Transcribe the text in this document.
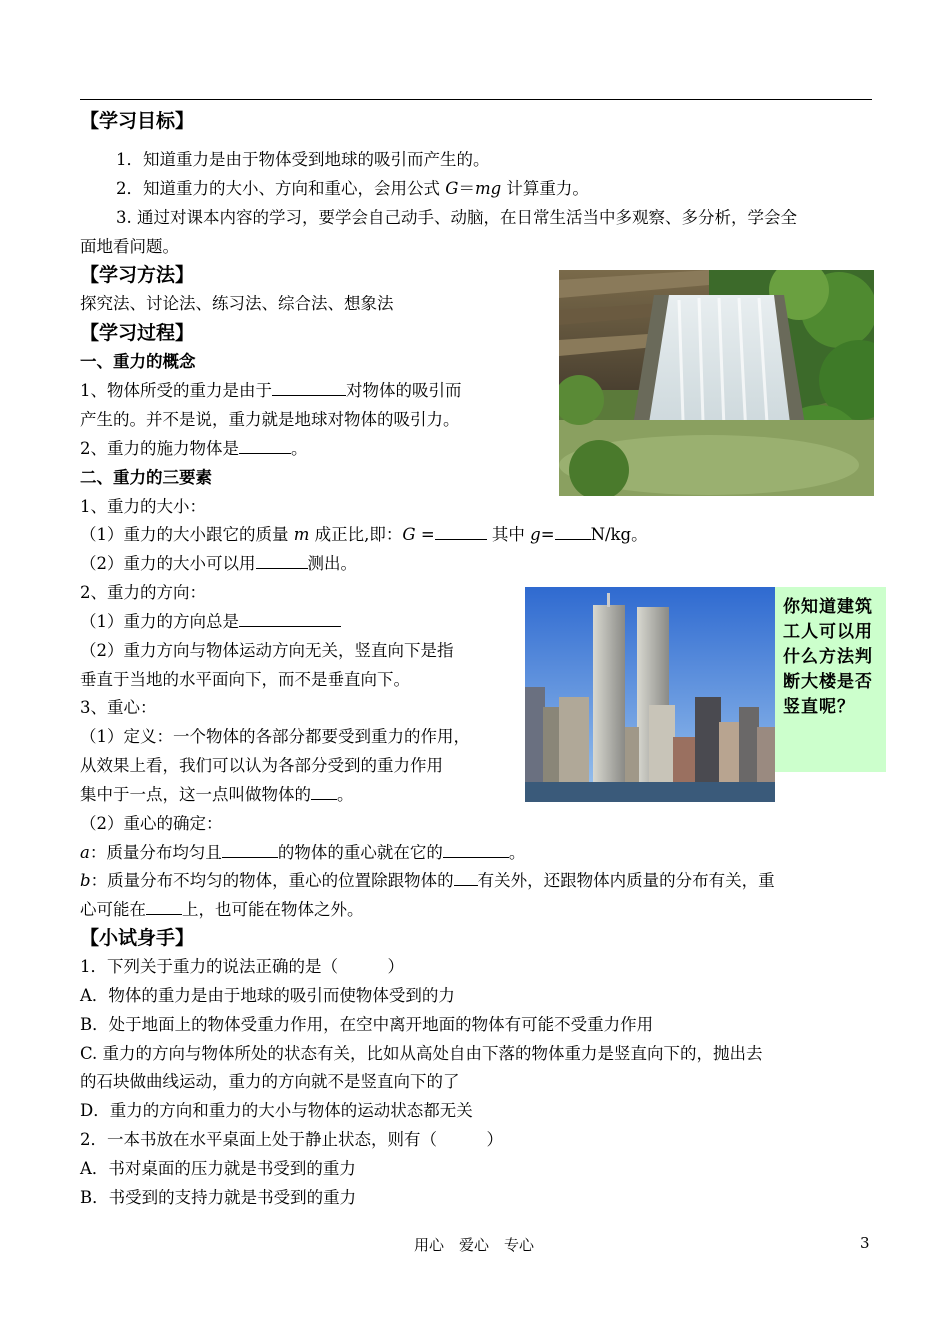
【学习目标】
1．知道重力是由于物体受到地球的吸引而产生的。
2．知道重力的大小、方向和重心，会用公式 G＝mg 计算重力。
3. 通过对课本内容的学习，要学会自己动手、动脑，在日常生活当中多观察、多分析，学会全
面地看问题。
【学习方法】
探究法、讨论法、练习法、综合法、想象法
【学习过程】
一、重力的概念
1、物体所受的重力是由于	对物体的吸引而
产生的。并不是说，重力就是地球对物体的吸引力。
2、重力的施力物体是	。
二、重力的三要素
1、重力的大小：
（1）重力的大小跟它的质量 m 成正比,即：G =	其中 g= N/kg。
（2）重力的大小可以用	测出。
2、重力的方向：
（1）重力的方向总是
（2）重力方向与物体运动方向无关，竖直向下是指
垂直于当地的水平面向下，而不是垂直向下。
3、重心：
（1）定义：一个物体的各部分都要受到重力的作用，
从效果上看，我们可以认为各部分受到的重力作用
集中于一点，这一点叫做物体的 。
（2）重心的确定：
a：质量分布均匀且	的物体的重心就在它的	。
b：质量分布不均匀的物体，重心的位置除跟物体的 有关外，还跟物体内质量的分布有关，重
心可能在 上，也可能在物体之外。
【小试身手】
1．下列关于重力的说法正确的是（　　　）
A．物体的重力是由于地球的吸引而使物体受到的力
B．处于地面上的物体受重力作用，在空中离开地面的物体有可能不受重力作用
C. 重力的方向与物体所处的状态有关，比如从高处自由下落的物体重力是竖直向下的，抛出去
的石块做曲线运动，重力的方向就不是竖直向下的了
D．重力的方向和重力的大小与物体的运动状态都无关
2．一本书放在水平桌面上处于静止状态，则有（　　　）
A．书对桌面的压力就是书受到的重力
B．书受到的支持力就是书受到的重力
你知道建筑工人可以用什么方法判断大楼是否竖直呢？
用心　爱心　专心	3
